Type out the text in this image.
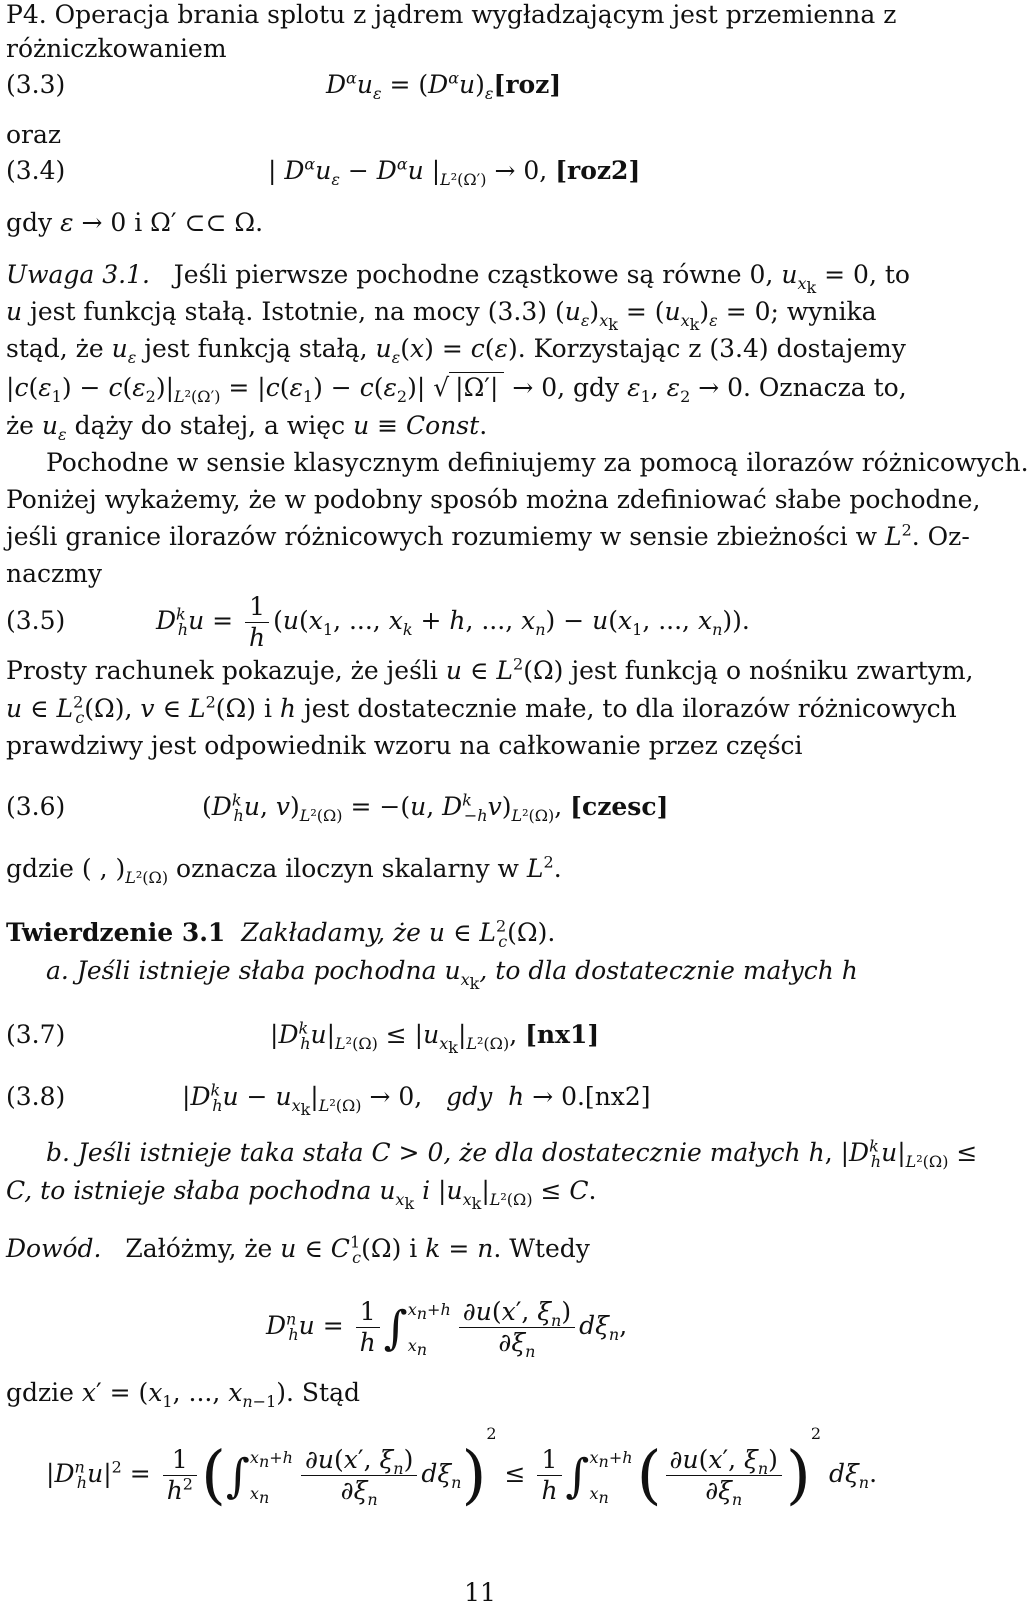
P4. Operacja brania splotu z jądrem wygładzającym jest przemienna z
różniczkowaniem
(3.3)	$D^\alpha u_\varepsilon = (D^\alpha u)_\varepsilon[roz]$
oraz
(3.4)	| $D^\alpha u_\varepsilon - D^\alpha u$ $|_{L^2(\Omega')} \to 0$, [roz2]
gdy ε → 0 i Ω′ ⊂⊂ Ω.
Uwaga 3.1. Jeśli pierwsze pochodne cząstkowe są równe 0, $u_{x_k} = 0$, to
u jest funkcją stałą. Istotnie, na mocy (3.3) $(u_\varepsilon)_{x_k} = (u_{x_k})_\varepsilon = 0$; wynika
stąd, że $u_\varepsilon$ jest funkcją stałą, $u_\varepsilon(x) = c(\varepsilon)$. Korzystając z (3.4) dostajemy
$|c(\varepsilon_1) - c(\varepsilon_2)|_{L^2(\Omega')} = |c(\varepsilon_1) - c(\varepsilon_2)|$ √ |Ω′| → 0, gdy $\varepsilon_1$, $\varepsilon_2 \to 0$. Oznacza to,
że $u_\varepsilon$ dąży do stałej, a więc u ≡ Const.
Pochodne w sensie klasycznym definiujemy za pomocą ilorazów różnicowych.
Poniżej wykażemy, że w podobny sposób można zdefiniować słabe pochodne,
jeśli granice ilorazów różnicowych rozumiemy w sensie zbieżności w $L^2$. Oz-
naczmy
(3.5)	$D^k_hu = \frac{1}{h} (u(x_1$, ..., $x_k + h$, ..., $x_n) - u(x_1$, ..., $x_n$)).
Prosty rachunek pokazuje, że jeśli u ∈ $L^2(\Omega)$ jest funkcją o nośniku zwartym,
u ∈ $L^2_c(\Omega)$, v ∈ $L^2(\Omega)$ i h jest dostatecznie małe, to dla ilorazów różnicowych
prawdziwy jest odpowiednik wzoru na całkowanie przez części
(3.6)	($D^k_hu$, $v)_{L^2(\Omega)} = -(u$, $D^k_{-h}v)_{L^2(\Omega)}$, [czesc]
gdzie ( , )$_{L^2(\Omega)}$ oznacza iloczyn skalarny w $L^2$.
Twierdzenie 3.1 Zakładamy, że u ∈ $L^2_c(\Omega)$.
a. Jeśli istnieje słaba pochodna $u_{x_k}$, to dla dostatecznie małych h
(3.7)	$|D^k_hu|_{L^2(\Omega)} \le |u_{x_k}|_{L^2(\Omega)}$, [nx1]
(3.8)	$|D^k_hu - u_{x_k}|_{L^2(\Omega)} \to 0$, gdy h → 0.[nx2]
b. Jeśli istnieje taka stała C > 0, że dla dostatecznie małych h, $|D^k_hu|_{L^2(\Omega)}$ ≤
C, to istnieje słaba pochodna $u_{x_k}$ i $|u_{x_k}|_{L^2(\Omega)} \le C$.
Dowód. Załóżmy, że u ∈ $C^1_c(\Omega)$ i k = n. Wtedy
$D^n_hu = \frac{1}{h}$ ∫ $x_n+h$
$x_n$	$\frac{\partial u(x', \xi_n)}{\partial\xi_n} d\xi_n$,
gdzie $x' = (x_1$, ..., $x_{n-1}$). Stąd
$|D^n_hu|^2 = \frac{1}{h^2}$ (∫ $x_n+h$
$x_n$	$\frac{\partial u(x', \xi_n)}{\partial\xi_n} d\xi_n)^2 \le \frac{1}{h}$ ∫ $x_n+h$
$x_n$ ( $\frac{\partial u(x', \xi_n)}{\partial\xi_n} )^2$ $d\xi_n$.
11
